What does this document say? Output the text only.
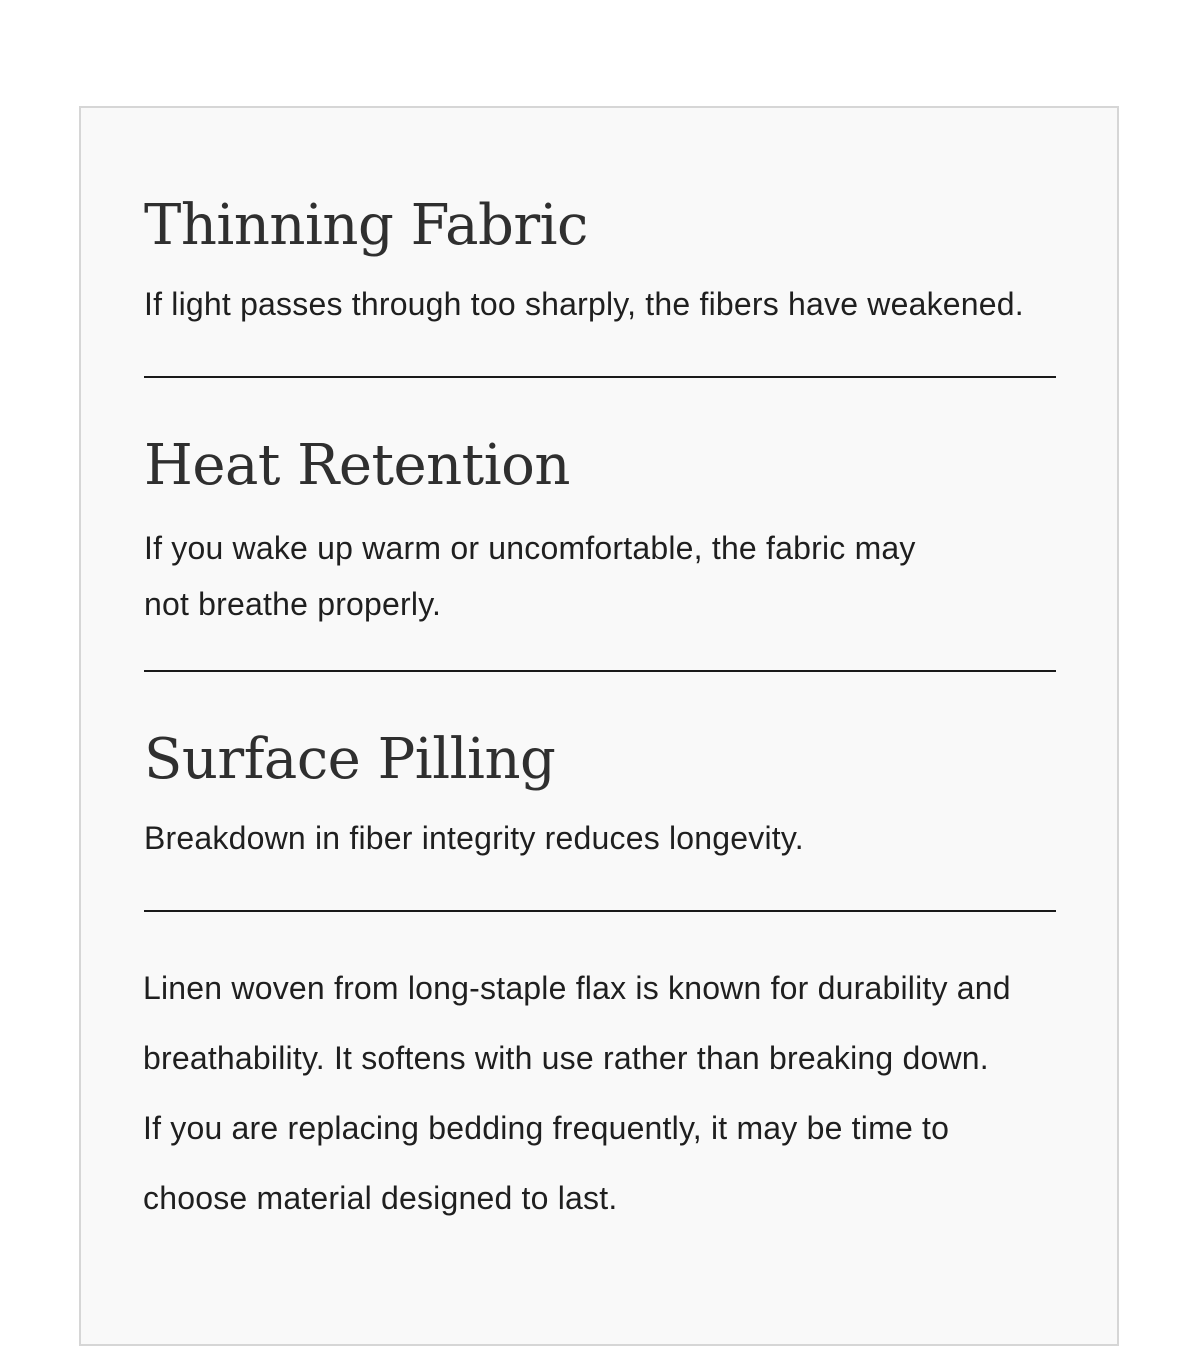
Thinning Fabric

If light passes through too sharply, the fibers have weakened.

Heat Retention

If you wake up warm or uncomfortable, the fabric may not breathe properly.

Surface Pilling

Breakdown in fiber integrity reduces longevity.

Linen woven from long-staple flax is known for durability and breathability. It softens with use rather than breaking down.

If you are replacing bedding frequently, it may be time to choose material designed to last.
